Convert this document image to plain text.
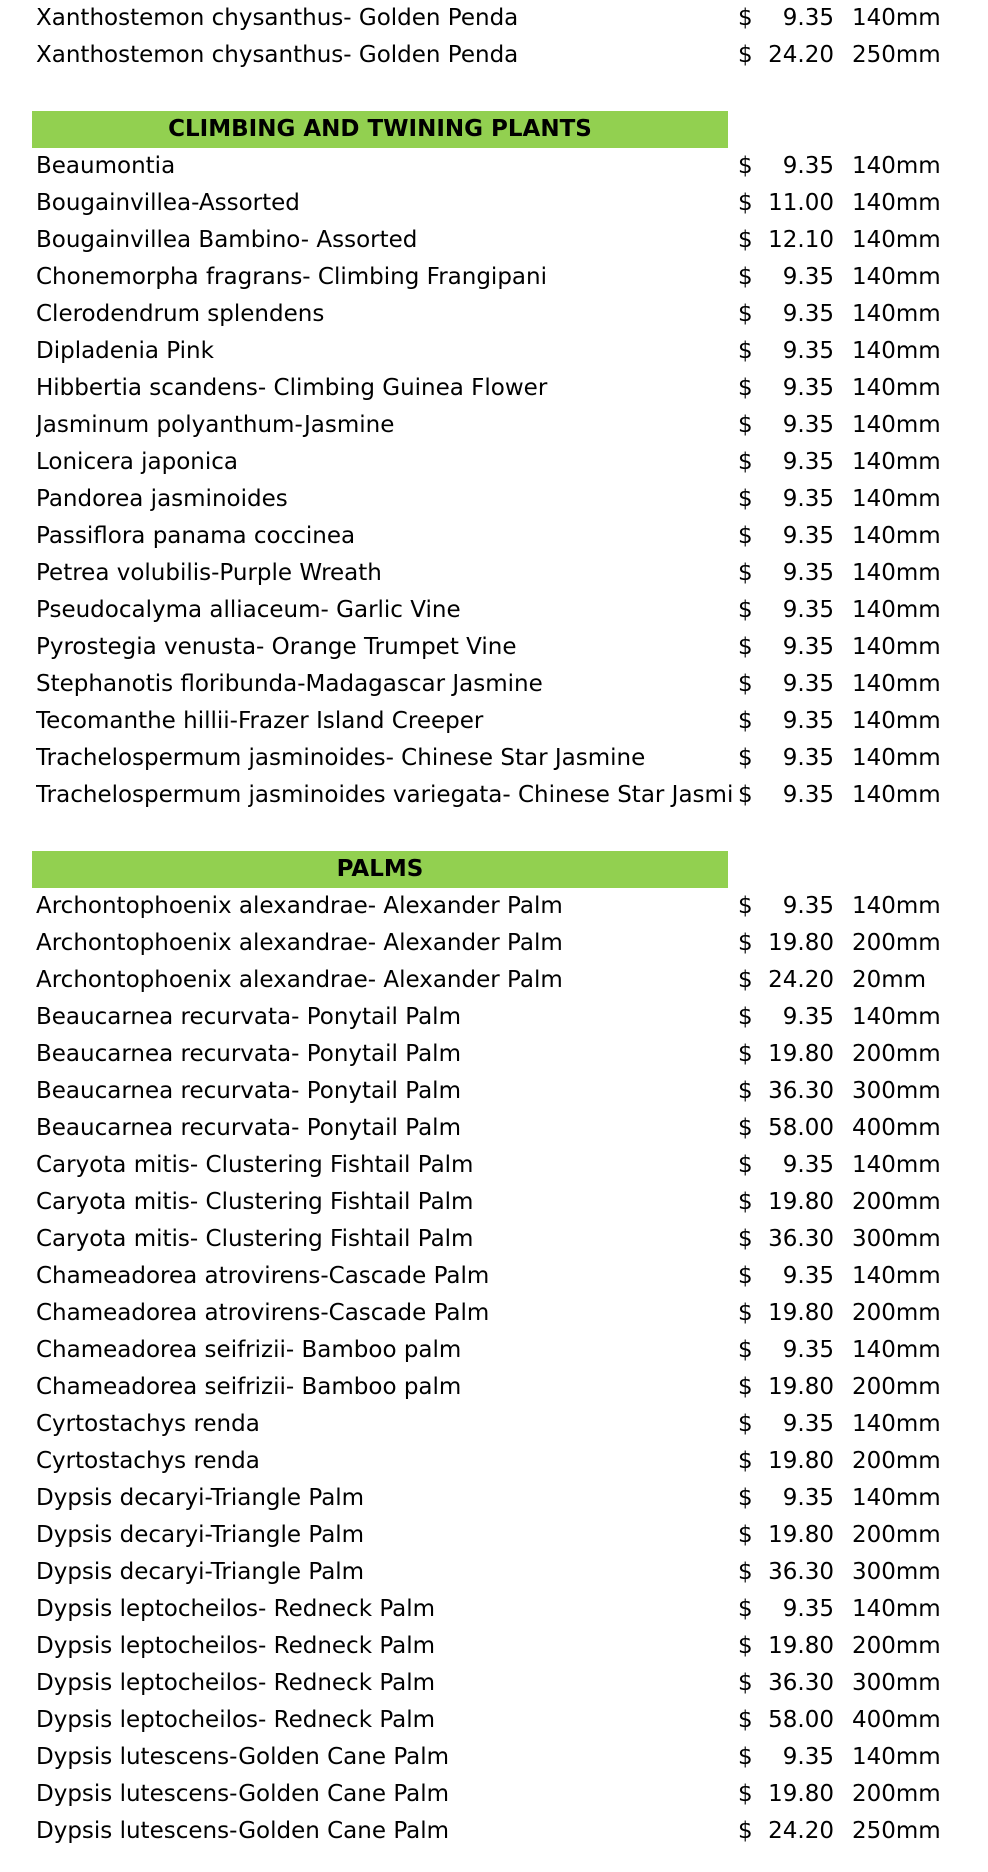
Xanthostemon chysanthus- Golden Penda	$	9.35 140mm
Xanthostemon chysanthus- Golden Penda	$ 24.20 250mm
CLIMBING AND TWINING PLANTS
Beaumontia	$	9.35 140mm
Bougainvillea-Assorted	$ 11.00 140mm
Bougainvillea Bambino- Assorted	$ 12.10 140mm
Chonemorpha fragrans- Climbing Frangipani	$	9.35 140mm
Clerodendrum splendens	$	9.35 140mm
Dipladenia Pink	$	9.35 140mm
Hibbertia scandens- Climbing Guinea Flower	$	9.35 140mm
Jasminum polyanthum-Jasmine	$	9.35 140mm
Lonicera japonica	$	9.35 140mm
Pandorea jasminoides	$	9.35 140mm
Passiflora panama coccinea	$	9.35 140mm
Petrea volubilis-Purple Wreath	$	9.35 140mm
Pseudocalyma alliaceum- Garlic Vine	$	9.35 140mm
Pyrostegia venusta- Orange Trumpet Vine	$	9.35 140mm
Stephanotis floribunda-Madagascar Jasmine	$	9.35 140mm
Tecomanthe hillii-Frazer Island Creeper	$	9.35 140mm
Trachelospermum jasminoides- Chinese Star Jasmine	$	9.35 140mm
Trachelospermum jasminoides variegata- Chinese Star Jasmi $	9.35 140mm
PALMS
Archontophoenix alexandrae- Alexander Palm	$	9.35 140mm
Archontophoenix alexandrae- Alexander Palm	$ 19.80 200mm
Archontophoenix alexandrae- Alexander Palm	$ 24.20 20mm
Beaucarnea recurvata- Ponytail Palm	$	9.35 140mm
Beaucarnea recurvata- Ponytail Palm	$ 19.80 200mm
Beaucarnea recurvata- Ponytail Palm	$ 36.30 300mm
Beaucarnea recurvata- Ponytail Palm	$ 58.00 400mm
Caryota mitis- Clustering Fishtail Palm	$	9.35 140mm
Caryota mitis- Clustering Fishtail Palm	$ 19.80 200mm
Caryota mitis- Clustering Fishtail Palm	$ 36.30 300mm
Chameadorea atrovirens-Cascade Palm	$	9.35 140mm
Chameadorea atrovirens-Cascade Palm	$ 19.80 200mm
Chameadorea seifrizii- Bamboo palm	$	9.35 140mm
Chameadorea seifrizii- Bamboo palm	$ 19.80 200mm
Cyrtostachys renda	$	9.35 140mm
Cyrtostachys renda	$ 19.80 200mm
Dypsis decaryi-Triangle Palm	$	9.35 140mm
Dypsis decaryi-Triangle Palm	$ 19.80 200mm
Dypsis decaryi-Triangle Palm	$ 36.30 300mm
Dypsis leptocheilos- Redneck Palm	$	9.35 140mm
Dypsis leptocheilos- Redneck Palm	$ 19.80 200mm
Dypsis leptocheilos- Redneck Palm	$ 36.30 300mm
Dypsis leptocheilos- Redneck Palm	$ 58.00 400mm
Dypsis lutescens-Golden Cane Palm	$	9.35 140mm
Dypsis lutescens-Golden Cane Palm	$ 19.80 200mm
Dypsis lutescens-Golden Cane Palm	$ 24.20 250mm
